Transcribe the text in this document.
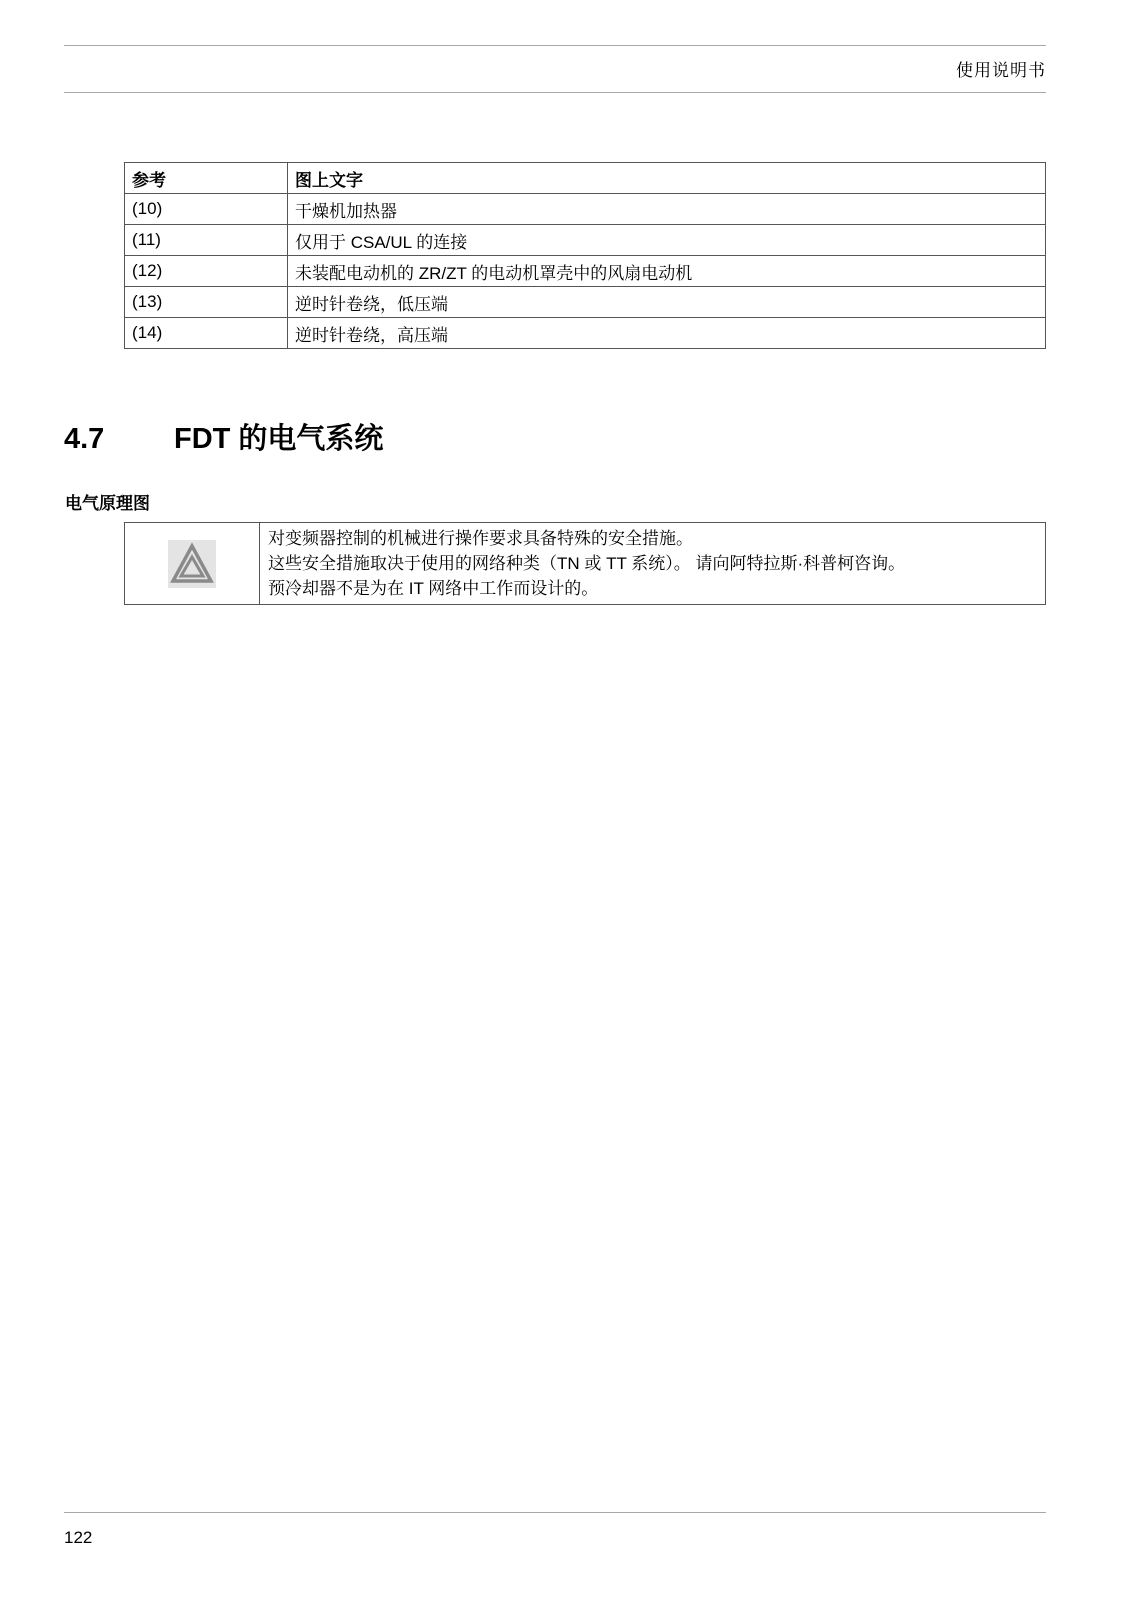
使用说明书
参考	图上文字
(10)	干燥机加热器
(11)	仅用于 CSA/UL 的连接
(12)	未装配电动机的 ZR/ZT 的电动机罩壳中的风扇电动机
(13)	逆时针卷绕，低压端
(14)	逆时针卷绕，高压端
4.7 FDT 的电气系统
电气原理图

对变频器控制的机械进行操作要求具备特殊的安全措施。
这些安全措施取决于使用的网络种类（TN 或 TT 系统）。 请向阿特拉斯·科普柯咨询。
预冷却器不是为在 IT 网络中工作而设计的。
122
